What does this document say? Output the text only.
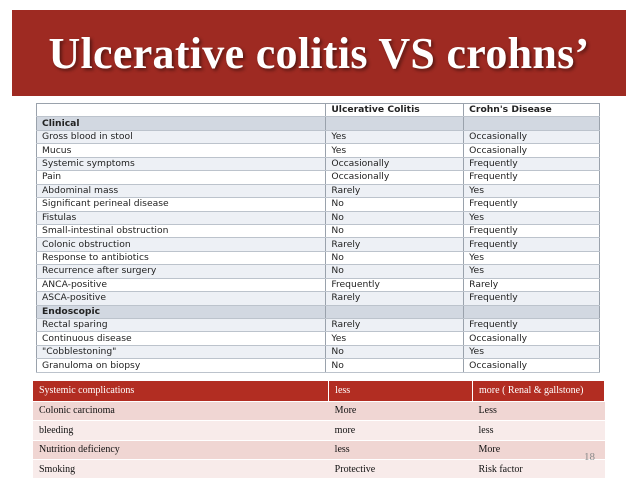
Ulcerative colitis VS crohns’
	Ulcerative Colitis	Crohn's Disease
Clinical		
Gross blood in stool	Yes	Occasionally
Mucus	Yes	Occasionally
Systemic symptoms	Occasionally	Frequently
Pain	Occasionally	Frequently
Abdominal mass	Rarely	Yes
Significant perineal disease	No	Frequently
Fistulas	No	Yes
Small-intestinal obstruction	No	Frequently
Colonic obstruction	Rarely	Frequently
Response to antibiotics	No	Yes
Recurrence after surgery	No	Yes
ANCA-positive	Frequently	Rarely
ASCA-positive	Rarely	Frequently
Endoscopic		
Rectal sparing	Rarely	Frequently
Continuous disease	Yes	Occasionally
"Cobblestoning"	No	Yes
Granuloma on biopsy	No	Occasionally
Systemic complications	less	more ( Renal & gallstone)
Colonic carcinoma	More	Less
bleeding	more	less
Nutrition deficiency	less	More
Smoking	Protective	Risk factor
18
